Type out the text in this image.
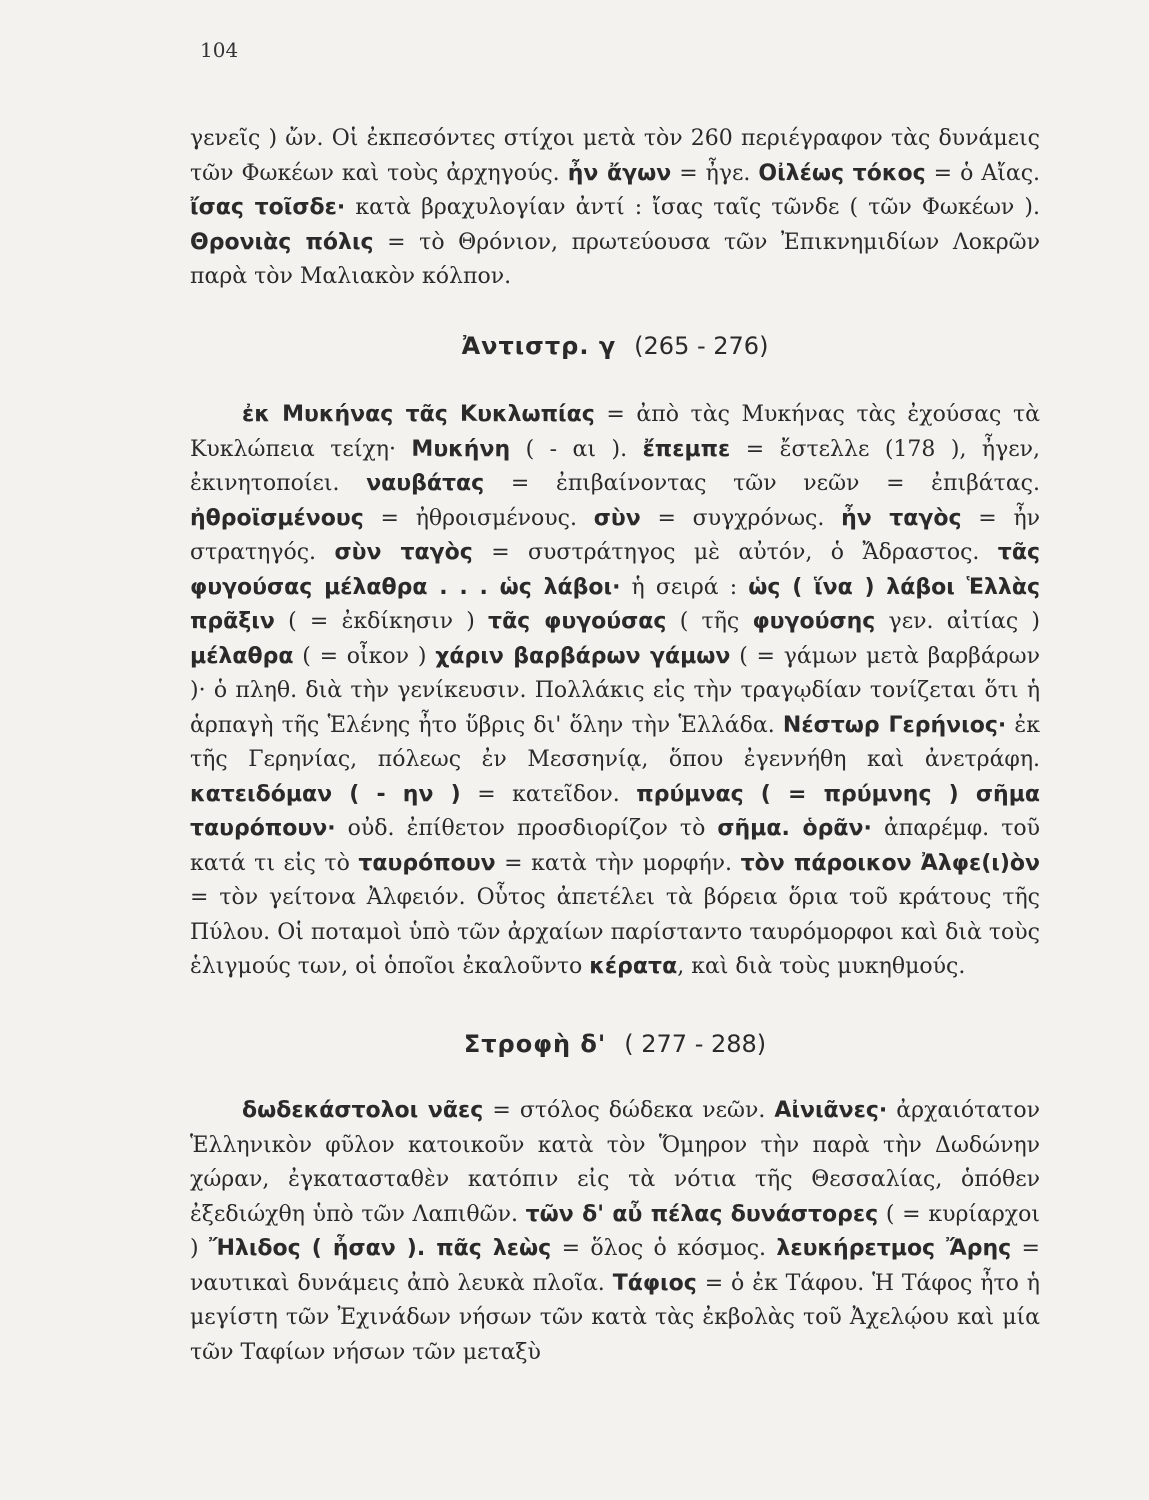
104

γενεῖς ) ὤν. Οἱ ἐκπεσόντες στίχοι μετὰ τὸν 260 περιέγραφον τὰς δυνάμεις τῶν Φωκέων καὶ τοὺς ἀρχηγούς. ἦν ἄγων = ἦγε. Οἰλέως τόκος = ὁ Αἴας. ἴσας τοῖσδε· κατὰ βραχυλογίαν ἀντί : ἴσας ταῖς τῶνδε ( τῶν Φωκέων ). Θρονιὰς πόλις = τὸ Θρόνιον, πρωτεύουσα τῶν Ἐπικνημιδίων Λοκρῶν παρὰ τὸν Μαλιακὸν κόλπον.

Ἀντιστρ. γ (265 - 276)

ἐκ Μυκήνας τᾶς Κυκλωπίας = ἀπὸ τὰς Μυκήνας τὰς ἐχούσας τὰ Κυκλώπεια τείχη· Μυκήνη ( - αι ). ἔπεμπε = ἔστελλε (178 ), ἦγεν, ἐκινητοποίει. ναυβάτας = ἐπιβαίνοντας τῶν νεῶν = ἐπιβάτας. ἠθροϊσμένους = ἠθροισμένους. σὺν = συγχρόνως. ἦν ταγὸς = ἦν στρατηγός. σὺν ταγὸς = συστράτηγος μὲ αὐτόν, ὁ Ἄδραστος. τᾶς φυγούσας μέλαθρα . . . ὡς λάβοι· ἡ σειρά : ὡς ( ἵνα ) λάβοι Ἑλλὰς πρᾶξιν ( = ἐκδίκησιν ) τᾶς φυγούσας ( τῆς φυγούσης γεν. αἰτίας ) μέλαθρα ( = οἶκον ) χάριν βαρβάρων γάμων ( = γάμων μετὰ βαρβάρων )· ὁ πληθ. διὰ τὴν γενίκευσιν. Πολλάκις εἰς τὴν τραγῳδίαν τονίζεται ὅτι ἡ ἁρπαγὴ τῆς Ἑλένης ἦτο ὕβρις δι' ὅλην τὴν Ἑλλάδα. Νέστωρ Γερήνιος· ἐκ τῆς Γερηνίας, πόλεως ἐν Μεσσηνίᾳ, ὅπου ἐγεννήθη καὶ ἀνετράφη. κατειδόμαν ( - ην ) = κατεῖδον. πρύμνας ( = πρύμνης ) σῆμα ταυρόπουν· οὐδ. ἐπίθετον προσδιορίζον τὸ σῆμα. ὁρᾶν· ἀπαρέμφ. τοῦ κατά τι εἰς τὸ ταυρόπουν = κατὰ τὴν μορφήν. τὸν πάροικον Ἀλφε(ι)ὸν = τὸν γείτονα Ἀλφειόν. Οὗτος ἀπετέλει τὰ βόρεια ὅρια τοῦ κράτους τῆς Πύλου. Οἱ ποταμοὶ ὑπὸ τῶν ἀρχαίων παρίσταντο ταυρόμορφοι καὶ διὰ τοὺς ἑλιγμούς των, οἱ ὁποῖοι ἐκαλοῦντο κέρατα, καὶ διὰ τοὺς μυκηθμούς.

Στροφὴ δ' ( 277 - 288)

δωδεκάστολοι νᾶες = στόλος δώδεκα νεῶν. Αἰνιᾶνες· ἀρχαιότατον Ἑλληνικὸν φῦλον κατοικοῦν κατὰ τὸν Ὅμηρον τὴν παρὰ τὴν Δωδώνην χώραν, ἐγκατασταθὲν κατόπιν εἰς τὰ νότια τῆς Θεσσαλίας, ὁπόθεν ἐξεδιώχθη ὑπὸ τῶν Λαπιθῶν. τῶν δ' αὖ πέλας δυνάστορες ( = κυρίαρχοι ) Ἤλιδος ( ἦσαν ). πᾶς λεὼς = ὅλος ὁ κόσμος. λευκήρετμος Ἄρης = ναυτικαὶ δυνάμεις ἀπὸ λευκὰ πλοῖα. Τάφιος = ὁ ἐκ Τάφου. Ἡ Τάφος ἦτο ἡ μεγίστη τῶν Ἐχινάδων νήσων τῶν κατὰ τὰς ἐκβολὰς τοῦ Ἀχελῴου καὶ μία τῶν Ταφίων νήσων τῶν μεταξὺ
